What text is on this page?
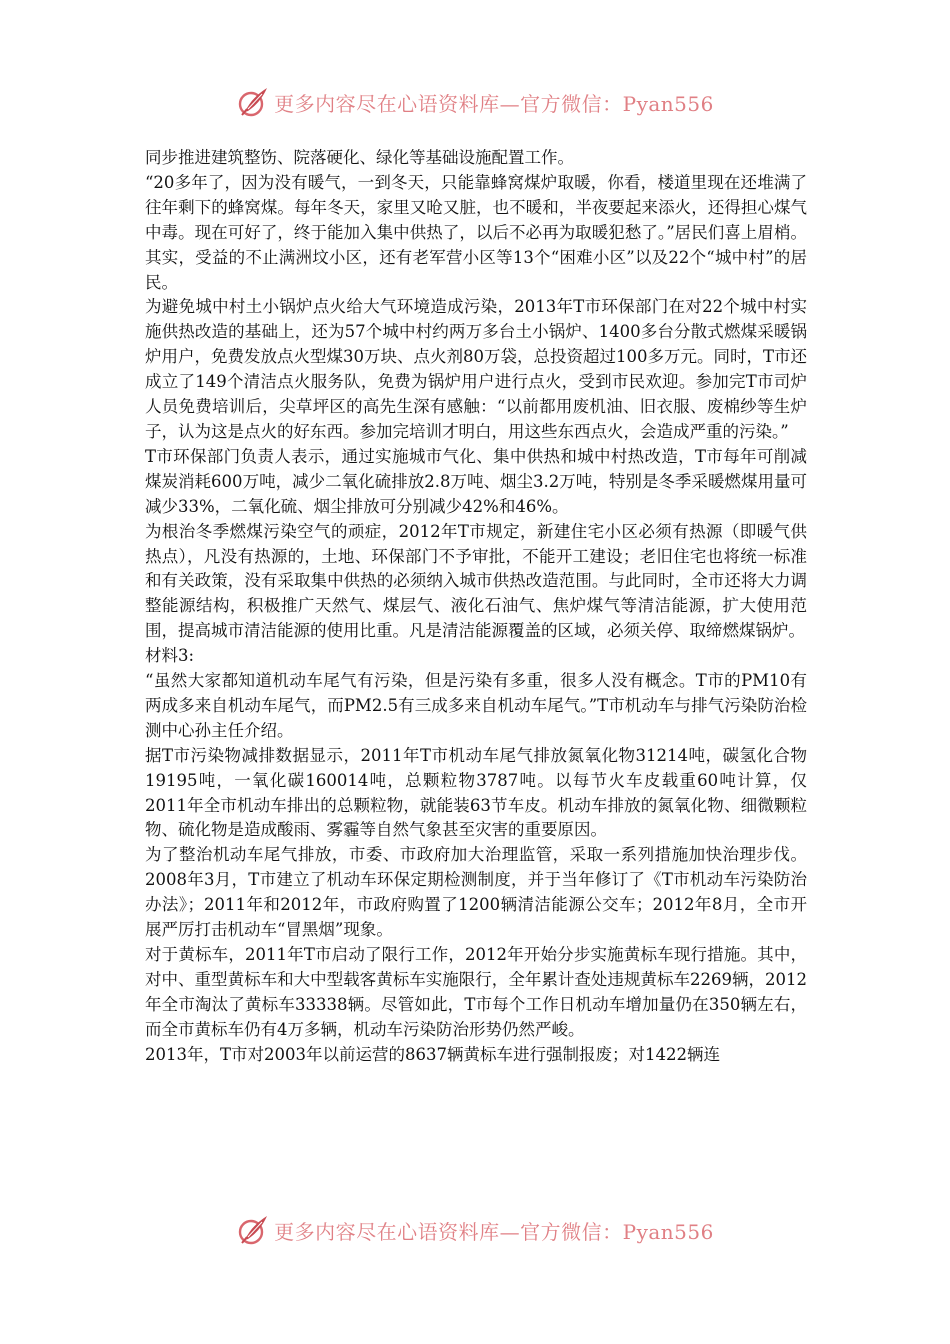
更多内容尽在心语资料库—官方微信：Pyan556

同步推进建筑整饬、院落硬化、绿化等基础设施配置工作。

“20多年了，因为没有暖气，一到冬天，只能靠蜂窝煤炉取暖，你看，楼道里现在还堆满了往年剩下的蜂窝煤。每年冬天，家里又呛又脏，也不暖和，半夜要起来添火，还得担心煤气中毒。现在可好了，终于能加入集中供热了，以后不必再为取暖犯愁了。”居民们喜上眉梢。其实，受益的不止满洲坟小区，还有老军营小区等13个“困难小区”以及22个“城中村”的居民。

为避免城中村土小锅炉点火给大气环境造成污染，2013年T市环保部门在对22个城中村实施供热改造的基础上，还为57个城中村约两万多台土小锅炉、1400多台分散式燃煤采暖锅炉用户，免费发放点火型煤30万块、点火剂80万袋，总投资超过100多万元。同时，T市还成立了149个清洁点火服务队，免费为锅炉用户进行点火，受到市民欢迎。参加完T市司炉人员免费培训后，尖草坪区的高先生深有感触：“以前都用废机油、旧衣服、废棉纱等生炉子，认为这是点火的好东西。参加完培训才明白，用这些东西点火，会造成严重的污染。”

T市环保部门负责人表示，通过实施城市气化、集中供热和城中村热改造，T市每年可削减煤炭消耗600万吨，减少二氧化硫排放2.8万吨、烟尘3.2万吨，特别是冬季采暖燃煤用量可减少33%，二氧化硫、烟尘排放可分别减少42%和46%。

为根治冬季燃煤污染空气的顽症，2012年T市规定，新建住宅小区必须有热源（即暖气供热点），凡没有热源的，土地、环保部门不予审批，不能开工建设；老旧住宅也将统一标准和有关政策，没有采取集中供热的必须纳入城市供热改造范围。与此同时，全市还将大力调整能源结构，积极推广天然气、煤层气、液化石油气、焦炉煤气等清洁能源，扩大使用范围，提高城市清洁能源的使用比重。凡是清洁能源覆盖的区域，必须关停、取缔燃煤锅炉。

材料3:

“虽然大家都知道机动车尾气有污染，但是污染有多重，很多人没有概念。T市的PM10有两成多来自机动车尾气，而PM2.5有三成多来自机动车尾气。”T市机动车与排气污染防治检测中心孙主任介绍。

据T市污染物减排数据显示，2011年T市机动车尾气排放氮氧化物31214吨，碳氢化合物19195吨，一氧化碳160014吨，总颗粒物3787吨。以每节火车皮载重60吨计算，仅2011年全市机动车排出的总颗粒物，就能装63节车皮。机动车排放的氮氧化物、细微颗粒物、硫化物是造成酸雨、雾霾等自然气象甚至灾害的重要原因。

为了整治机动车尾气排放，市委、市政府加大治理监管，采取一系列措施加快治理步伐。2008年3月，T市建立了机动车环保定期检测制度，并于当年修订了《T市机动车污染防治办法》；2011年和2012年，市政府购置了1200辆清洁能源公交车；2012年8月，全市开展严厉打击机动车“冒黑烟”现象。

对于黄标车，2011年T市启动了限行工作，2012年开始分步实施黄标车现行措施。其中，对中、重型黄标车和大中型载客黄标车实施限行，全年累计查处违规黄标车2269辆，2012年全市淘汰了黄标车33338辆。尽管如此，T市每个工作日机动车增加量仍在350辆左右，而全市黄标车仍有4万多辆，机动车污染防治形势仍然严峻。

2013年，T市对2003年以前运营的8637辆黄标车进行强制报废；对1422辆连

更多内容尽在心语资料库—官方微信：Pyan556
